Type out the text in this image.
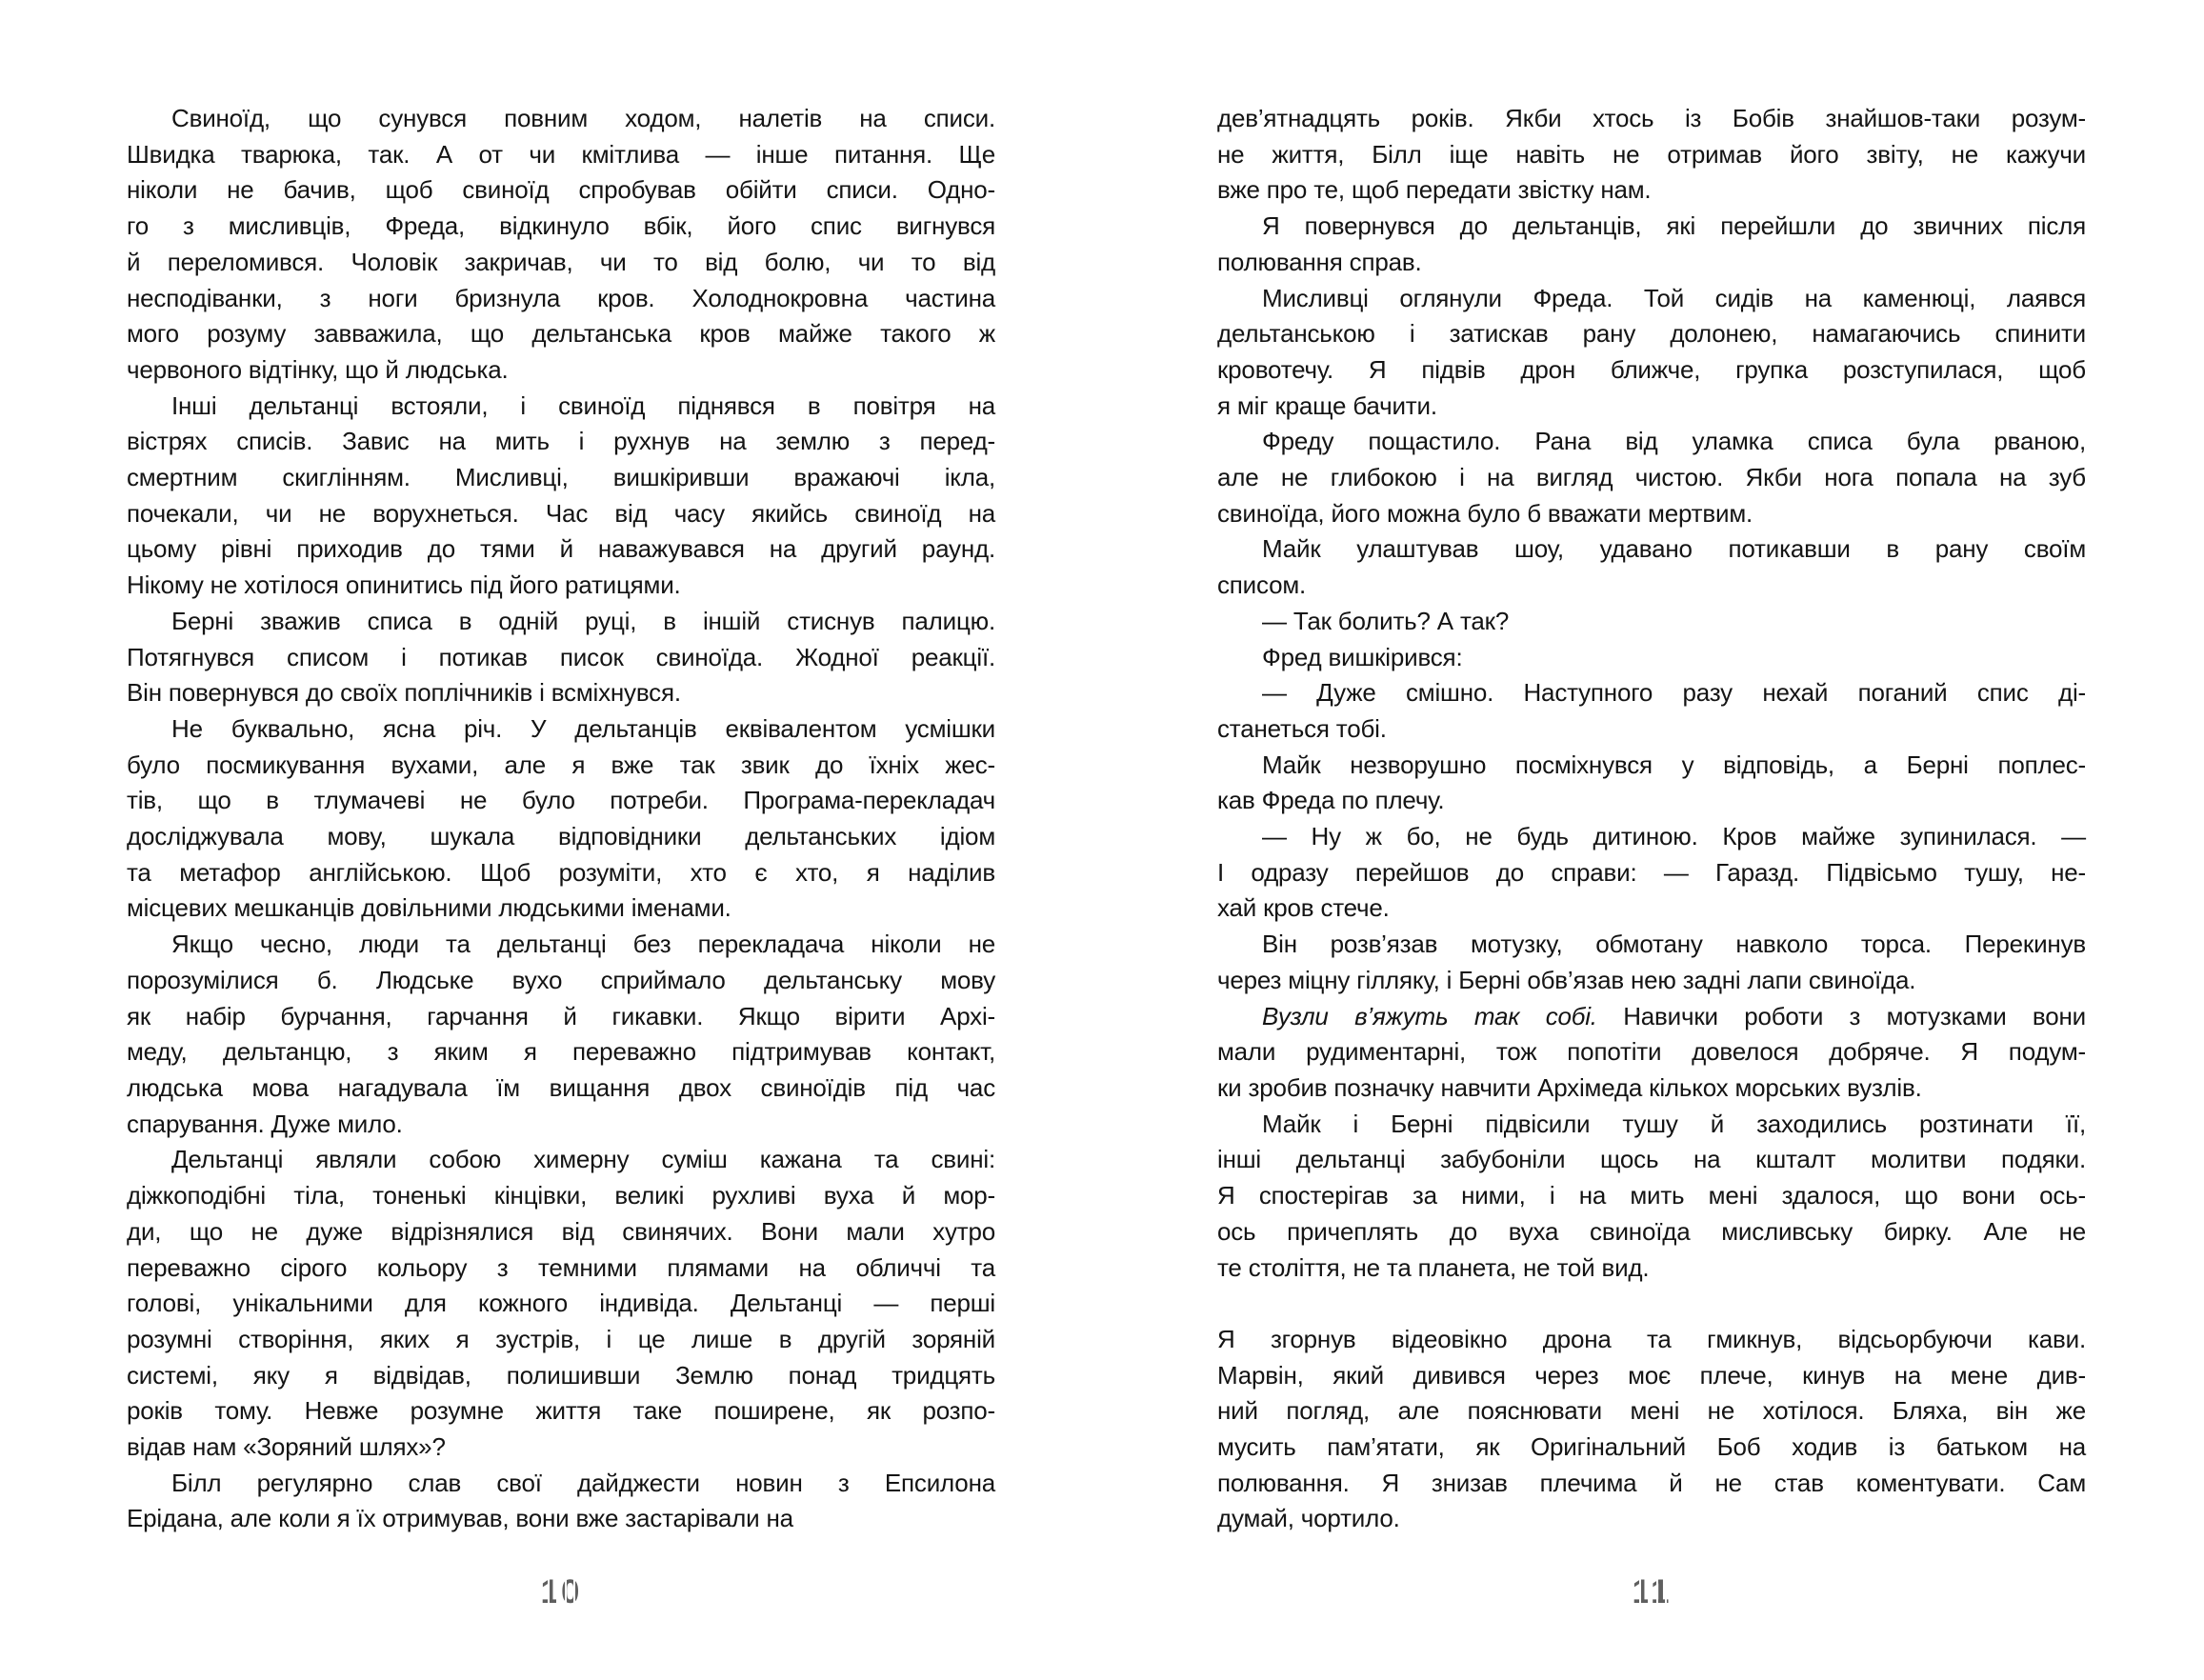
Свиноїд, що сунувся повним ходом, налетів на списи.
Швидка тварюка, так. А от чи кмітлива — інше питання. Ще
ніколи не бачив, щоб свиноїд спробував обійти списи. Одно-
го з мисливців, Фреда, відкинуло вбік, його спис вигнувся
й переломився. Чоловік закричав, чи то від болю, чи то від
несподіванки, з ноги бризнула кров. Холоднокровна частина
мого розуму завважила, що дельтанська кров майже такого ж
червоного відтінку, що й людська.
Інші дельтанці встояли, і свиноїд піднявся в повітря на
вістрях списів. Завис на мить і рухнув на землю з перед-
смертним скиглінням. Мисливці, вишкіривши вражаючі ікла,
почекали, чи не ворухнеться. Час від часу якийсь свиноїд на
цьому рівні приходив до тями й наважувався на другий раунд.
Нікому не хотілося опинитись під його ратицями.
Берні зважив списа в одній руці, в іншій стиснув палицю.
Потягнувся списом і потикав писок свиноїда. Жодної реакції.
Він повернувся до своїх поплічників і всміхнувся.
Не буквально, ясна річ. У дельтанців еквівалентом усмішки
було посмикування вухами, але я вже так звик до їхніх жес-
тів, що в тлумачеві не було потреби. Програма-перекладач
досліджувала мову, шукала відповідники дельтанських ідіом
та метафор англійською. Щоб розуміти, хто є хто, я наділив
місцевих мешканців довільними людськими іменами.
Якщо чесно, люди та дельтанці без перекладача ніколи не
порозумілися б. Людське вухо сприймало дельтанську мову
як набір бурчання, гарчання й гикавки. Якщо вірити Архі-
меду, дельтанцю, з яким я переважно підтримував контакт,
людська мова нагадувала їм вищання двох свиноїдів під час
спарування. Дуже мило.
Дельтанці являли собою химерну суміш кажана та свині:
діжкоподібні тіла, тоненькі кінцівки, великі рухливі вуха й мор-
ди, що не дуже відрізнялися від свинячих. Вони мали хутро
переважно сірого кольору з темними плямами на обличчі та
голові, унікальними для кожного індивіда. Дельтанці — перші
розумні створіння, яких я зустрів, і це лише в другій зоряній
системі, яку я відвідав, полишивши Землю понад тридцять
років тому. Невже розумне життя таке поширене, як розпо-
відав нам «Зоряний шлях»?
Білл регулярно слав свої дайджести новин з Епсилона
Ерідана, але коли я їх отримував, вони вже застарівали на
дев’ятнадцять років. Якби хтось із Бобів знайшов-таки розум-
не життя, Білл іще навіть не отримав його звіту, не кажучи
вже про те, щоб передати звістку нам.
Я повернувся до дельтанців, які перейшли до звичних після
полювання справ.
Мисливці оглянули Фреда. Той сидів на каменюці, лаявся
дельтанською і затискав рану долонею, намагаючись спинити
кровотечу. Я підвів дрон ближче, групка розступилася, щоб
я міг краще бачити.
Фреду пощастило. Рана від уламка списа була рваною,
але не глибокою і на вигляд чистою. Якби нога попала на зуб
свиноїда, його можна було б вважати мертвим.
Майк улаштував шоу, удавано потикавши в рану своїм
списом.
— Так болить? А так?
Фред вишкірився:
— Дуже смішно. Наступного разу нехай поганий спис ді-
станеться тобі.
Майк незворушно посміхнувся у відповідь, а Берні поплес-
кав Фреда по плечу.
— Ну ж бо, не будь дитиною. Кров майже зупинилася. —
І одразу перейшов до справи: — Гаразд. Підвісьмо тушу, не-
хай кров стече.
Він розв’язав мотузку, обмотану навколо торса. Перекинув
через міцну гілляку, і Берні обв’язав нею задні лапи свиноїда.
Вузли в’яжуть так собі. Навички роботи з мотузками вони
мали рудиментарні, тож попотіти довелося добряче. Я подум-
ки зробив позначку навчити Архімеда кількох морських вузлів.
Майк і Берні підвісили тушу й заходились розтинати її,
інші дельтанці забубоніли щось на кшталт молитви подяки.
Я спостерігав за ними, і на мить мені здалося, що вони ось-
ось причеплять до вуха свиноїда мисливську бирку. Але не
те століття, не та планета, не той вид.
Я згорнув відеовікно дрона та гмикнув, відсьорбуючи кави.
Марвін, який дивився через моє плече, кинув на мене див-
ний погляд, але пояснювати мені не хотілося. Бляха, він же
мусить пам’ятати, як Оригінальний Боб ходив із батьком на
полювання. Я знизав плечима й не став коментувати. Сам
думай, чортило.
10	11
